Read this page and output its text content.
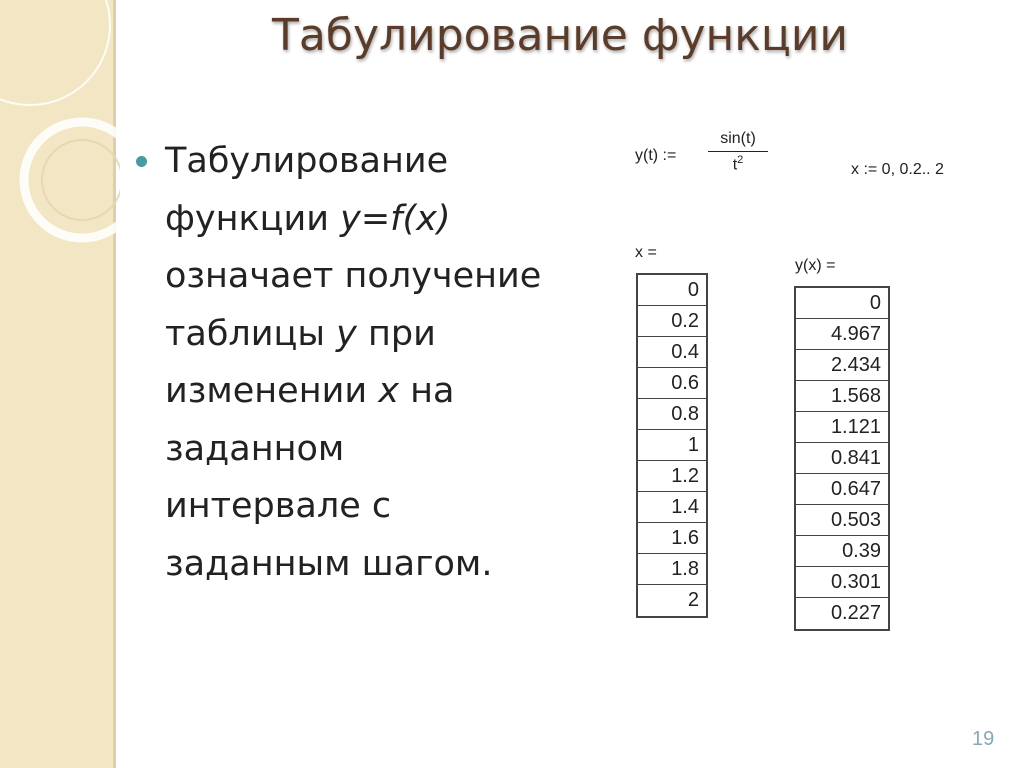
Табулирование функции
Табулирование
функции y=f(x)
означает получение
таблицы y при
изменении x на
заданном
интервале с
заданным шагом.
y(t) :=
sin(t)
$t^2$
x := 0, 0.2.. 2
x =
0
0.2
0.4
0.6
0.8
1
1.2
1.4
1.6
1.8
2
y(x) =
0
4.967
2.434
1.568
1.121
0.841
0.647
0.503
0.39
0.301
0.227
19
